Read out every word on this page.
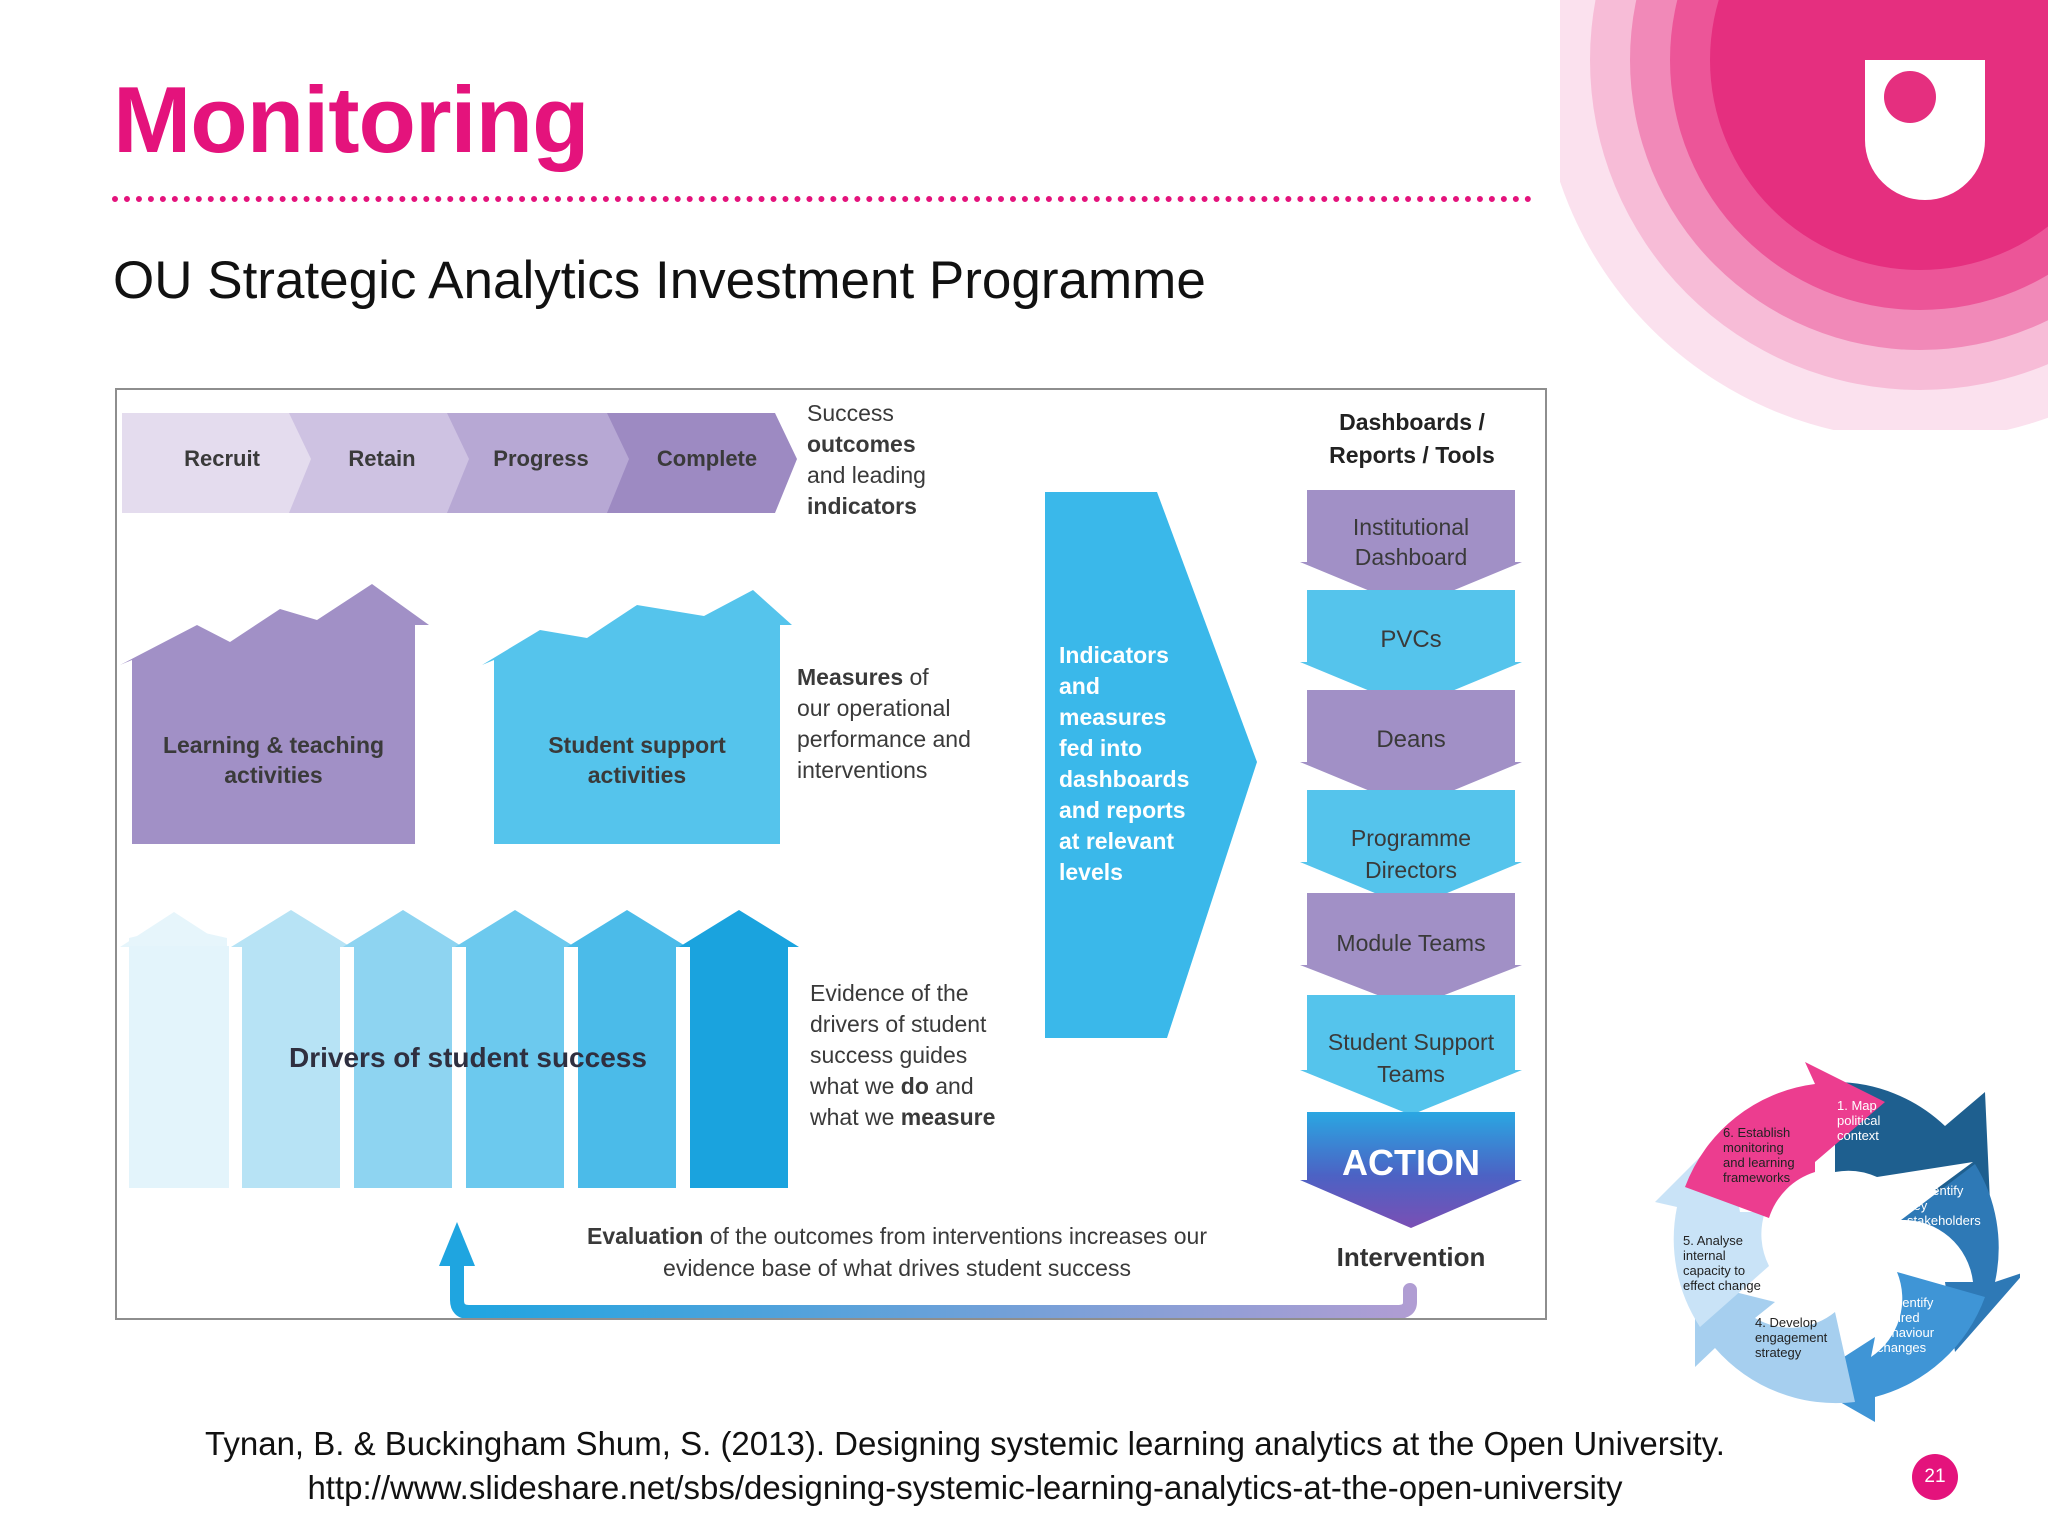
Monitoring
OU Strategic Analytics Investment Programme
Recruit	Retain	Progress	Complete
Success
outcomes
and leading
indicators
Dashboards /
Reports / Tools
Learning & teaching
activities
Student support
activities
Measures of
our operational
performance and
interventions
Indicators
and
measures
fed into
dashboards
and reports
at relevant
levels
Drivers of student success
Evidence of the
drivers of student
success guides
what we do and
what we measure
Institutional Dashboard
PVCs
Deans
Programme Directors
Module Teams
Student Support Teams
ACTION
Intervention
Evaluation of the outcomes from interventions increases our
evidence base of what drives student success
1. Map
political
context
2. Identify
key
stakeholders
3. Identify
desired
behaviour
changes
4. Develop
engagement
strategy
5. Analyse
internal
capacity to
effect change
6. Establish
monitoring
and learning
frameworks
Tynan, B. & Buckingham Shum, S. (2013). Designing systemic learning analytics at the Open University.
http://www.slideshare.net/sbs/designing-systemic-learning-analytics-at-the-open-university	21
